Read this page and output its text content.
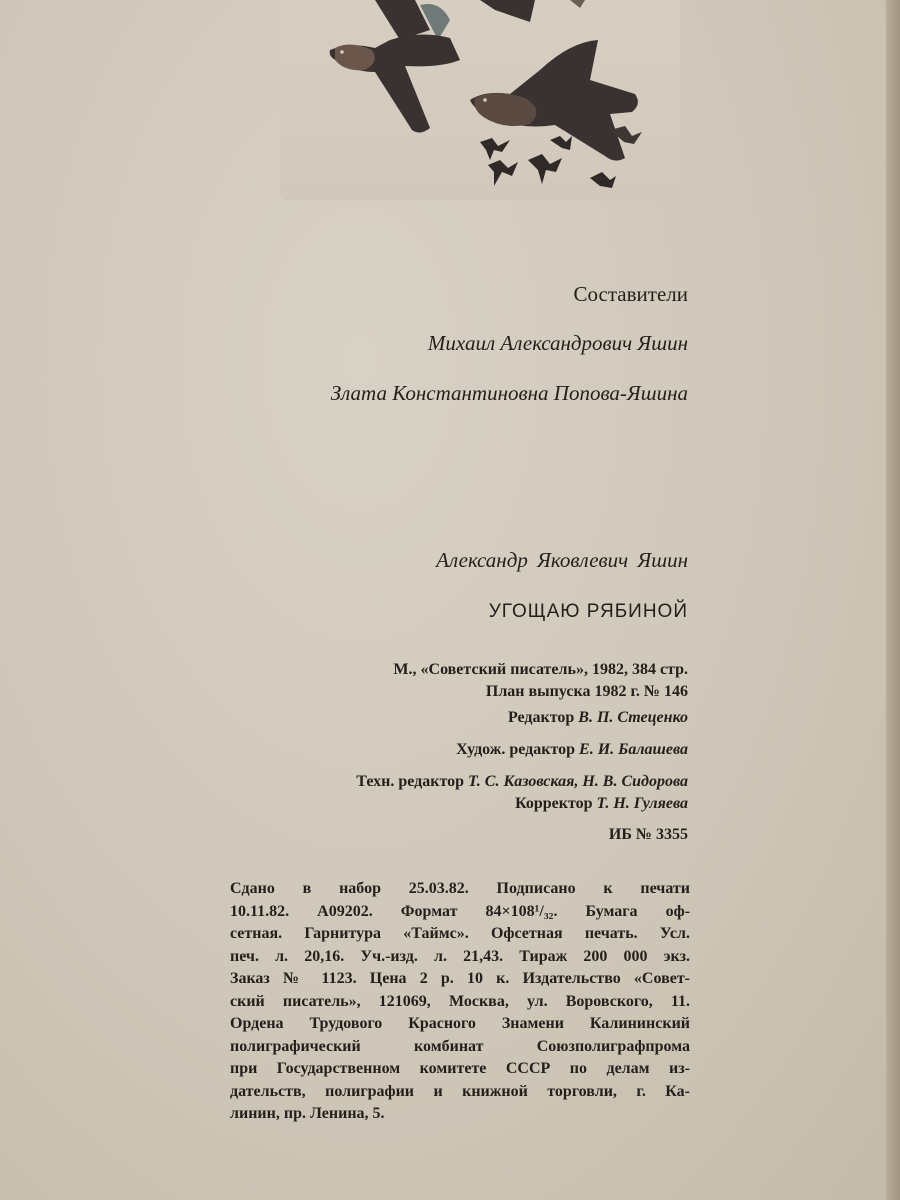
Составители
Михаил Александрович Яшин
Злата Константиновна Попова-Яшина
Александр Яковлевич Яшин
УГОЩАЮ РЯБИНОЙ
М., «Советский писатель», 1982, 384 стр.
План выпуска 1982 г. № 146
Редактор В. П. Стеценко
Худож. редактор Е. И. Балашева
Техн. редактор Т. С. Казовская, Н. В. Сидорова
Корректор Т. Н. Гуляева
ИБ № 3355
Сдано в набор 25.03.82. Подписано к печати
10.11.82. А09202. Формат 84×108¹/₃₂. Бумага оф-
сетная. Гарнитура «Таймс». Офсетная печать. Усл.
печ. л. 20,16. Уч.-изд. л. 21,43. Тираж 200 000 экз.
Заказ № 1123. Цена 2 р. 10 к. Издательство «Совет-
ский писатель», 121069, Москва, ул. Воровского, 11.
Ордена Трудового Красного Знамени Калининский
полиграфический комбинат Союзполиграфпрома
при Государственном комитете СССР по делам из-
дательств, полиграфии и книжной торговли, г. Ка-
линин, пр. Ленина, 5.
